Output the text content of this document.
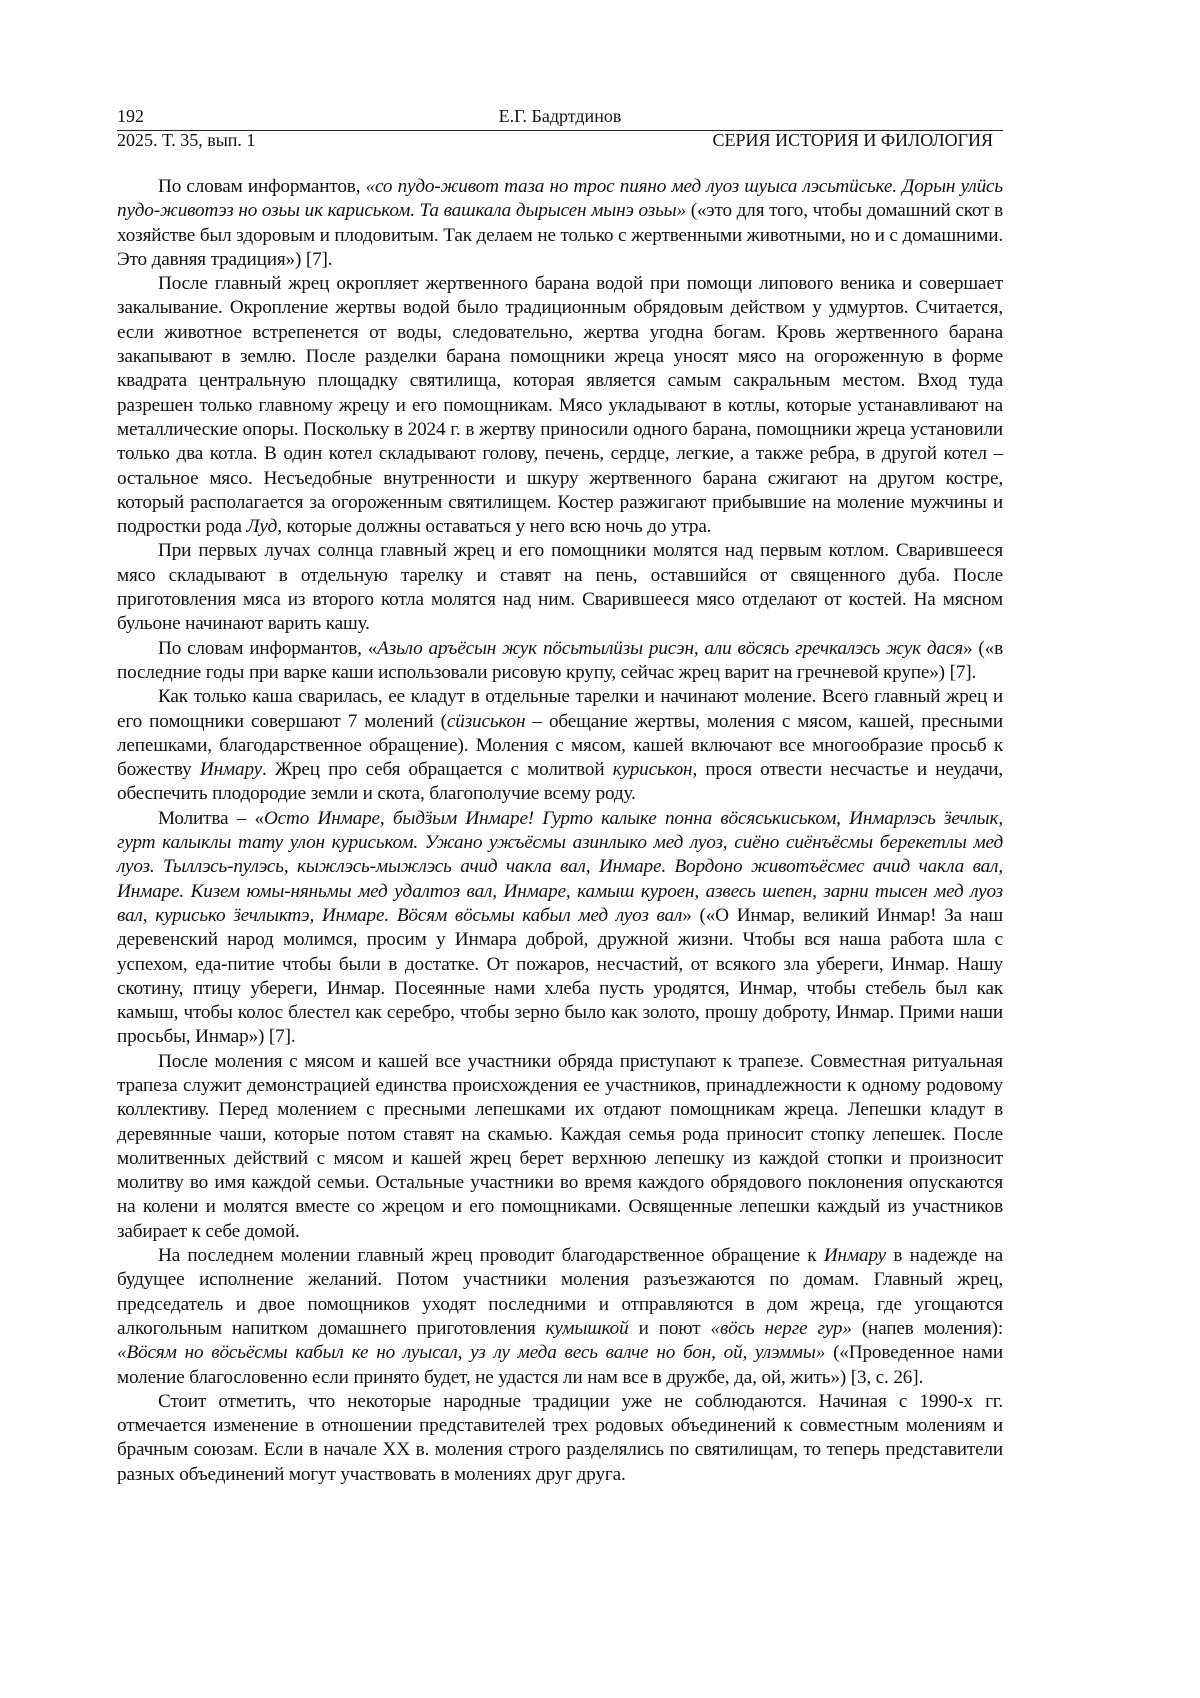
192	Е.Г. Бадртдинов
2025. Т. 35, вып. 1	СЕРИЯ ИСТОРИЯ И ФИЛОЛОГИЯ

По словам информантов, «со пудо-живот таза но трос пияно мед луоз шуыса лэсьтӥське. Дорын улӥсь пудо-животэз но озьы ик кариськом. Та вашкала дырысен мынэ озьы» («это для того, чтобы домашний скот в хозяйстве был здоровым и плодовитым. Так делаем не только с жертвенными животными, но и с домашними. Это давняя традиция») [7].

После главный жрец окропляет жертвенного барана водой при помощи липового веника и совершает закалывание. Окропление жертвы водой было традиционным обрядовым действом у удмуртов. Считается, если животное встрепенется от воды, следовательно, жертва угодна богам. Кровь жертвенного барана закапывают в землю. После разделки барана помощники жреца уносят мясо на огороженную в форме квадрата центральную площадку святилища, которая является самым сакральным местом. Вход туда разрешен только главному жрецу и его помощникам. Мясо укладывают в котлы, которые устанавливают на металлические опоры. Поскольку в 2024 г. в жертву приносили одного барана, помощники жреца установили только два котла. В один котел складывают голову, печень, сердце, легкие, а также ребра, в другой котел – остальное мясо. Несъедобные внутренности и шкуру жертвенного барана сжигают на другом костре, который располагается за огороженным святилищем. Костер разжигают прибывшие на моление мужчины и подростки рода Луд, которые должны оставаться у него всю ночь до утра.

При первых лучах солнца главный жрец и его помощники молятся над первым котлом. Сварившееся мясо складывают в отдельную тарелку и ставят на пень, оставшийся от священного дуба. После приготовления мяса из второго котла молятся над ним. Сварившееся мясо отделают от костей. На мясном бульоне начинают варить кашу.

По словам информантов, «Азьло аръёсын жук пöсьтылӥзы рисэн, али вöсясь гречкалэсь жук дася» («в последние годы при варке каши использовали рисовую крупу, сейчас жрец варит на гречневой крупе») [7].

Как только каша сварилась, ее кладут в отдельные тарелки и начинают моление. Всего главный жрец и его помощники совершают 7 молений (сӥзиськон – обещание жертвы, моления с мясом, кашей, пресными лепешками, благодарственное обращение). Моления с мясом, кашей включают все многообразие просьб к божеству Инмару. Жрец про себя обращается с молитвой куриськон, прося отвести несчастье и неудачи, обеспечить плодородие земли и скота, благополучие всему роду.

Молитва – «Осто Инмаре, быдӟым Инмаре! Гурто калыке понна вöсяськиськом, Инмарлэсь ӟечлык, гурт калыклы тату улон куриськом. Ужано ужъёсмы азинлыко мед луоз, сиёно сиёнъёсмы берекетлы мед луоз. Тыллэсь-пулэсь, кыжлэсь-мыжлэсь ачид чакла вал, Инмаре. Вордоно животъёсмес ачид чакла вал, Инмаре. Кизем юмы-няньмы мед удалтоз вал, Инмаре, камыш куроен, азвесь шепен, зарни тысен мед луоз вал, курисько ӟечлыктэ, Инмаре. Вöсям вöсьмы кабыл мед луоз вал» («О Инмар, великий Инмар! За наш деревенский народ молимся, просим у Инмара доброй, дружной жизни. Чтобы вся наша работа шла с успехом, еда-питие чтобы были в достатке. От пожаров, несчастий, от всякого зла убереги, Инмар. Нашу скотину, птицу убереги, Инмар. Посеянные нами хлеба пусть уродятся, Инмар, чтобы стебель был как камыш, чтобы колос блестел как серебро, чтобы зерно было как золото, прошу доброту, Инмар. Прими наши просьбы, Инмар») [7].

После моления с мясом и кашей все участники обряда приступают к трапезе. Совместная ритуальная трапеза служит демонстрацией единства происхождения ее участников, принадлежности к одному родовому коллективу. Перед молением с пресными лепешками их отдают помощникам жреца. Лепешки кладут в деревянные чаши, которые потом ставят на скамью. Каждая семья рода приносит стопку лепешек. После молитвенных действий с мясом и кашей жрец берет верхнюю лепешку из каждой стопки и произносит молитву во имя каждой семьи. Остальные участники во время каждого обрядового поклонения опускаются на колени и молятся вместе со жрецом и его помощниками. Освященные лепешки каждый из участников забирает к себе домой.

На последнем молении главный жрец проводит благодарственное обращение к Инмару в надежде на будущее исполнение желаний. Потом участники моления разъезжаются по домам. Главный жрец, председатель и двое помощников уходят последними и отправляются в дом жреца, где угощаются алкогольным напитком домашнего приготовления кумышкой и поют «вöсь нерге гур» (напев моления): «Вöсям но вöсьёсмы кабыл ке но луысал, уз лу меда весь валче но бон, ой, улэммы» («Проведенное нами моление благословенно если принято будет, не удастся ли нам все в дружбе, да, ой, жить») [3, с. 26].

Стоит отметить, что некоторые народные традиции уже не соблюдаются. Начиная с 1990-х гг. отмечается изменение в отношении представителей трех родовых объединений к совместным молениям и брачным союзам. Если в начале XX в. моления строго разделялись по святилищам, то теперь представители разных объединений могут участвовать в молениях друг друга.
